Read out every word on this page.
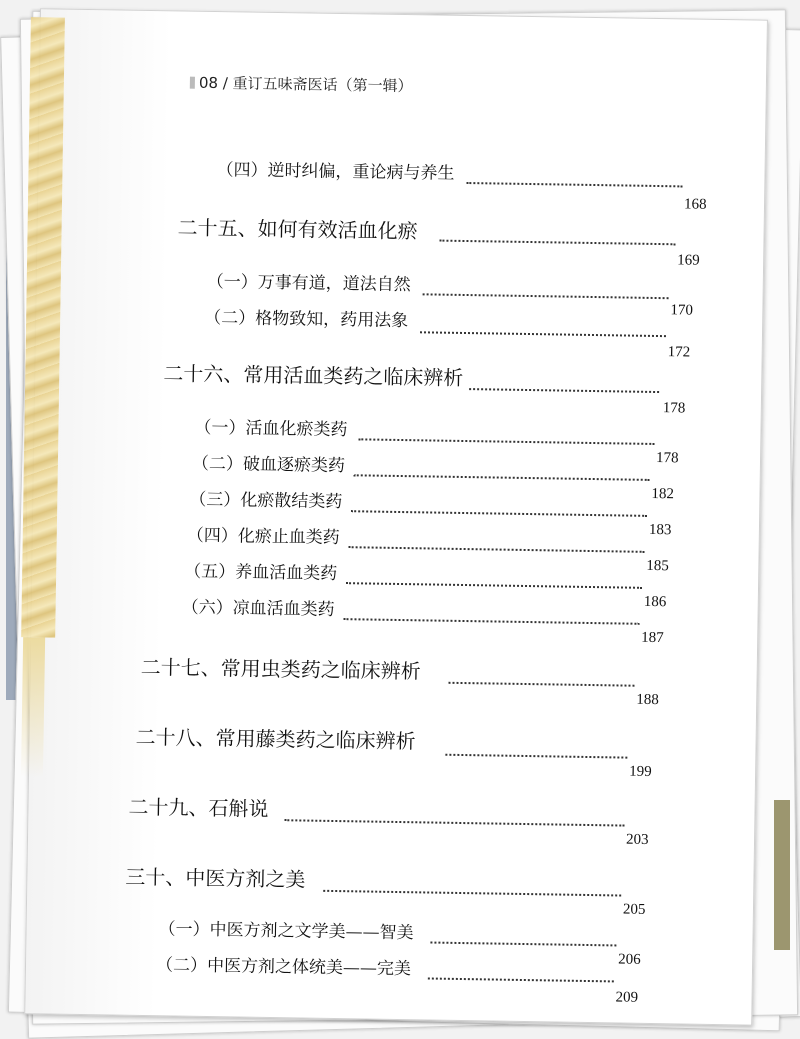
08 / 重订五味斋医话（第一辑）
（四）逆时纠偏，重论病与养生
168
二十五、如何有效活血化瘀
169
（一）万事有道，道法自然
170
（二）格物致知，药用法象
172
二十六、常用活血类药之临床辨析
178
（一）活血化瘀类药
178
（二）破血逐瘀类药
182
（三）化瘀散结类药
183
（四）化瘀止血类药
185
（五）养血活血类药
186
（六）凉血活血类药
187
二十七、常用虫类药之临床辨析
188
二十八、常用藤类药之临床辨析
199
二十九、石斛说
203
三十、中医方剂之美
205
（一）中医方剂之文学美——智美
206
（二）中医方剂之体统美——完美
209
